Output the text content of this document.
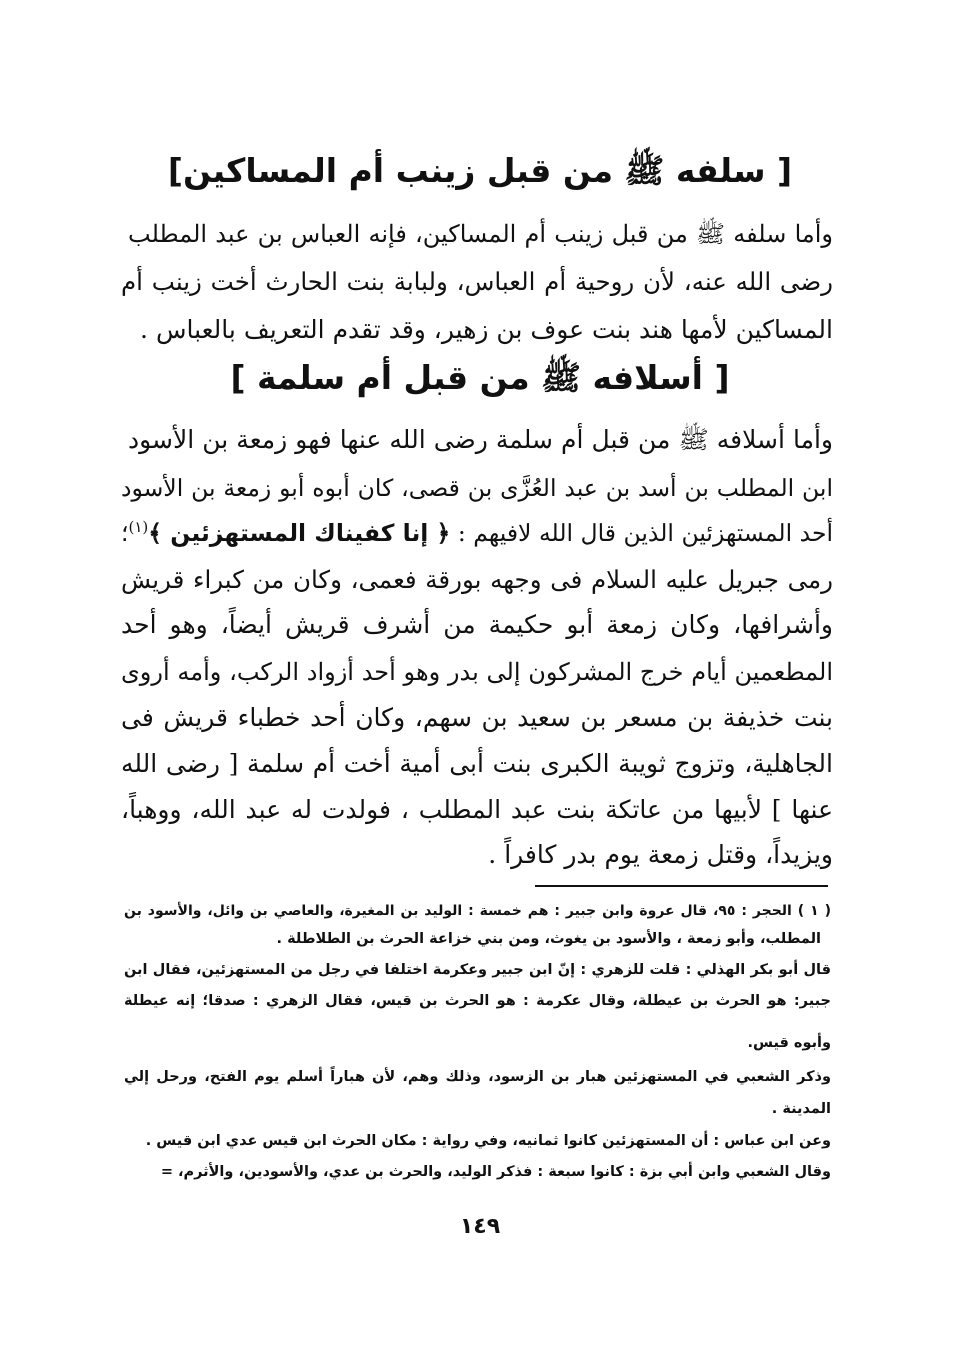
[ سلفه ﷺ من قبل زينب أم المساكين]
وأما سلفه ﷺ من قبل زينب أم المساكين، فإنه العباس بن عبد المطلب
رضى الله عنه، لأن روحية أم العباس، ولبابة بنت الحارث أخت زينب أم
المساكين لأمها هند بنت عوف بن زهير، وقد تقدم التعريف بالعباس .
[ أسلافه ﷺ من قبل أم سلمة ]
وأما أسلافه ﷺ من قبل أم سلمة رضى الله عنها فهو زمعة بن الأسود
ابن المطلب بن أسد بن عبد العُزَّى بن قصى، كان أبوه أبو زمعة بن الأسود
أحد المستهزئين الذين قال الله لافيهم : ﴿ إنا كفيناك المستهزئين ﴾$^{(١)}$؛
رمى جبريل عليه السلام فى وجهه بورقة فعمى، وكان من كبراء قريش
وأشرافها، وكان زمعة أبو حكيمة من أشرف قريش أيضاً، وهو أحد
المطعمين أيام خرج المشركون إلى بدر وهو أحد أزواد الركب، وأمه أروى
بنت خذيفة بن مسعر بن سعيد بن سهم، وكان أحد خطباء قريش فى
الجاهلية، وتزوج ثويبة الكبرى بنت أبى أمية أخت أم سلمة [ رضى الله
عنها ] لأبيها من عاتكة بنت عبد المطلب ، فولدت له عبد الله، ووهباً،
ويزيداً، وقتل زمعة يوم بدر كافراً .
( ١ ) الحجر : ٩٥، قال عروة وابن جبير : هم خمسة : الوليد بن المغيرة، والعاصي بن وائل، والأسود بن
المطلب، وأبو زمعة ، والأسود بن يغوث، ومن بني خزاعة الحرث بن الطلاطلة .
قال أبو بكر الهذلي : قلت للزهري : إنّ ابن جبير وعكرمة اختلفا في رجل من المستهزئين، فقال ابن
جبير: هو الحرث بن عيطلة، وقال عكرمة : هو الحرث بن قيس، فقال الزهري : صدقا؛ إنه عيطلة
وأبوه قيس.
وذكر الشعبي في المستهزئين هبار بن الزسود، وذلك وهم، لأن هباراً أسلم يوم الفتح، ورحل إلي
المدينة .
وعن ابن عباس : أن المستهزئين كانوا ثمانيه، وفي رواية : مكان الحرث ابن قيس عدي ابن قيس .
وقال الشعبي وابن أبي بزة : كانوا سبعة : فذكر الوليد، والحرث بن عدي، والأسودين، والأثرم، =
١٤٩
